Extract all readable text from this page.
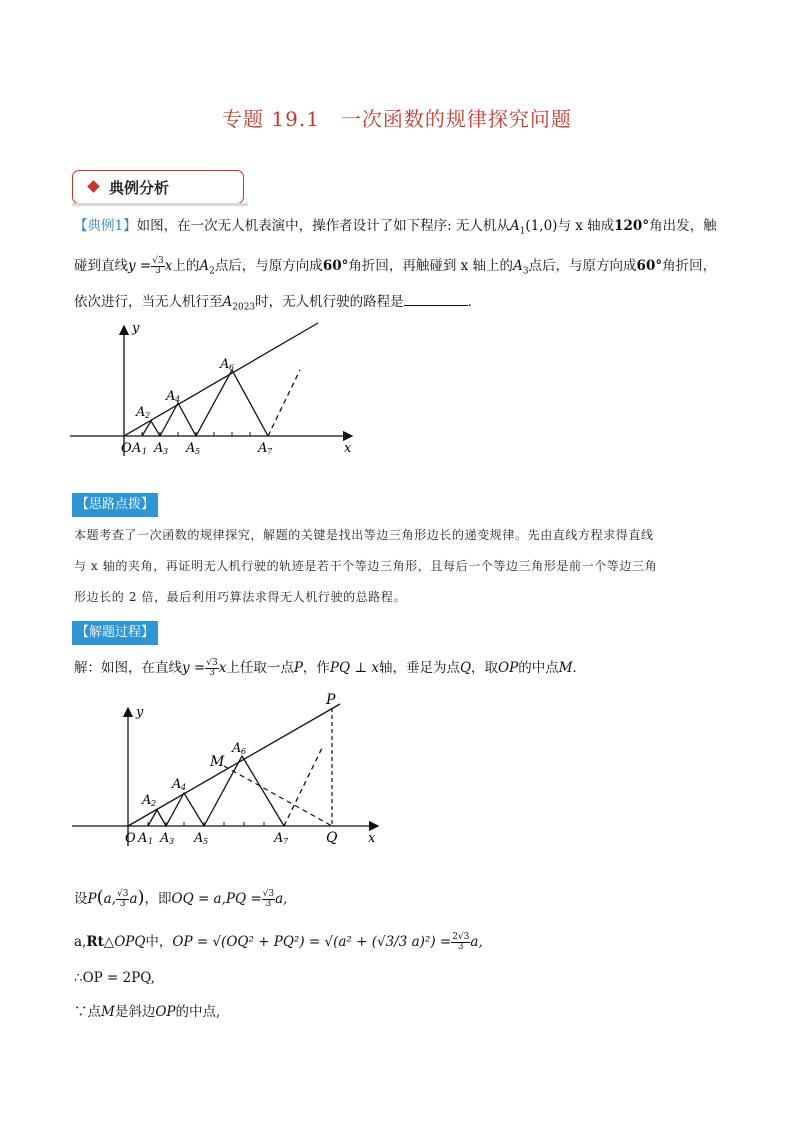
专题 19.1　一次函数的规律探究问题
典例分析
【典例1】如图，在一次无人机表演中，操作者设计了如下程序: 无人机从$A_1(1,0)$与 x 轴成120°角出发，触
碰到直线$y = \frac{√3}{3}$ x上的$A_2$点后，与原方向成60°角折回，再触碰到 x 轴上的$A_3$点后，与原方向成60°角折回，
依次进行，当无人机行至$A_{2023}$时，无人机行驶的路程是	．
y
x
O A 1 A 3 A 5	A 7
A 2
A 4
A 6
【思路点拨】
本题考查了一次函数的规律探究，解题的关键是找出等边三角形边长的递变规律。先由直线方程求得直线
与 x 轴的夹角，再证明无人机行驶的轨迹是若干个等边三角形，且每后一个等边三角形是前一个等边三角
形边长的 2 倍，最后利用巧算法求得无人机行驶的总路程。
【解题过程】
解：如图，在直线$y = \frac{√3}{3}$ x上任取一点P，作PQ ⊥ x轴，垂足为点Q，取OP的中点M．
y
x
P
Q
M
O A 1 A 3 A 5	A 7
A 2
A 4
A 6
设P(a, $\frac{√3}{3} a$)，即OQ = $a,PQ = \frac{√3}{3} a$,
a,Rt△OPQ中，OP = √(OQ² + PQ²) = √(a² + (√3/3 $a)^2) = \frac{2√3}{3} a$,
∴OP = 2PQ,
∵点M是斜边OP的中点,
